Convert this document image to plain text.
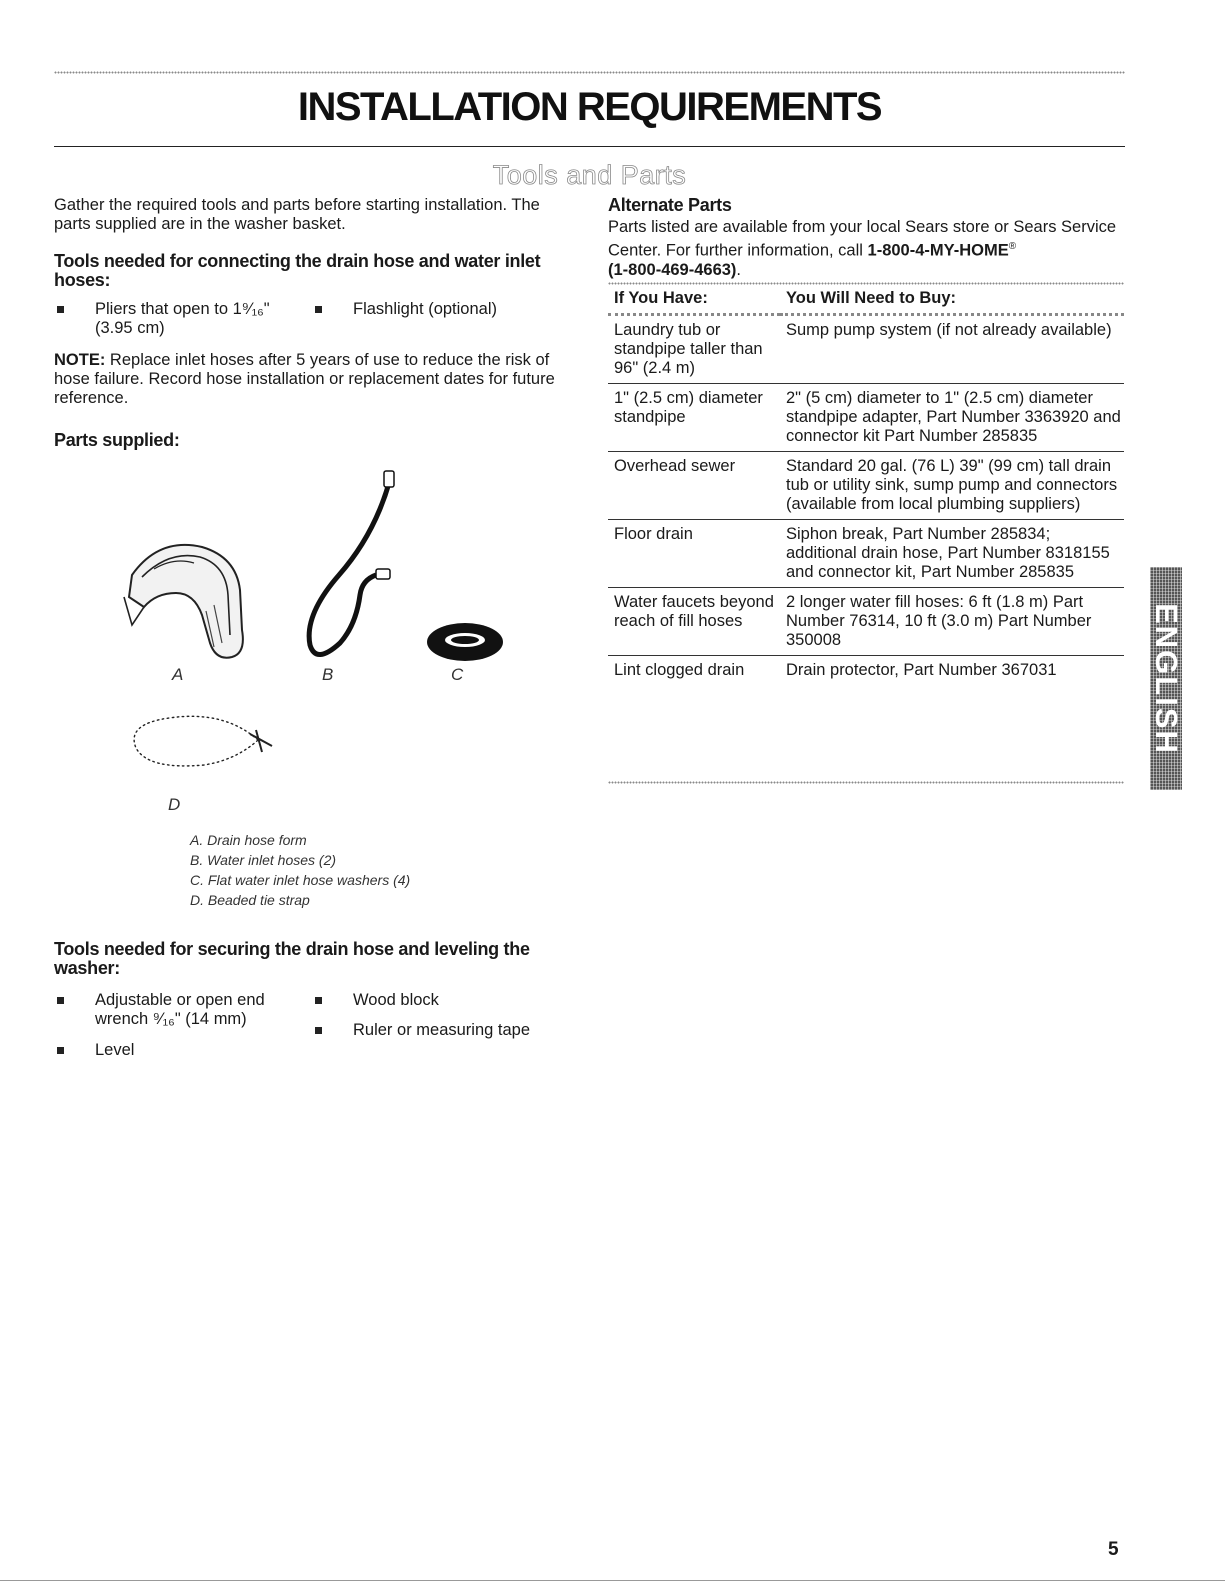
INSTALLATION REQUIREMENTS
Tools and Parts

Gather the required tools and parts before starting installation. The parts supplied are in the washer basket.

Tools needed for connecting the drain hose and water inlet hoses:
Pliers that open to 1⁹⁄₁₆"
(3.95 cm)
Flashlight (optional)

NOTE: Replace inlet hoses after 5 years of use to reduce the risk of hose failure. Record hose installation or replacement dates for future reference.

Parts supplied:
A	B	C
D
A. Drain hose form
B. Water inlet hoses (2)
C. Flat water inlet hose washers (4)
D. Beaded tie strap
Tools needed for securing the drain hose and leveling the washer:
Adjustable or open end
wrench ⁹⁄₁₆" (14 mm)
Level
Wood block
Ruler or measuring tape
Alternate Parts

Parts listed are available from your local Sears store or Sears Service Center. For further information, call 1-800-4-MY-HOME®
(1-800-469-4663).

If You Have:	You Will Need to Buy:
Laundry tub or standpipe taller than 96" (2.4 m)	Sump pump system (if not already available)
1" (2.5 cm) diameter standpipe	2" (5 cm) diameter to 1" (2.5 cm) diameter standpipe adapter, Part Number 3363920 and connector kit Part Number 285835
Overhead sewer	Standard 20 gal. (76 L) 39" (99 cm) tall drain tub or utility sink, sump pump and connectors (available from local plumbing suppliers)
Floor drain	Siphon break, Part Number 285834; additional drain hose, Part Number 8318155 and connector kit, Part Number 285835
Water faucets beyond reach of fill hoses	2 longer water fill hoses: 6 ft (1.8 m) Part Number 76314, 10 ft (3.0 m) Part Number 350008
Lint clogged drain	Drain protector, Part Number 367031	ENGLISH
5
